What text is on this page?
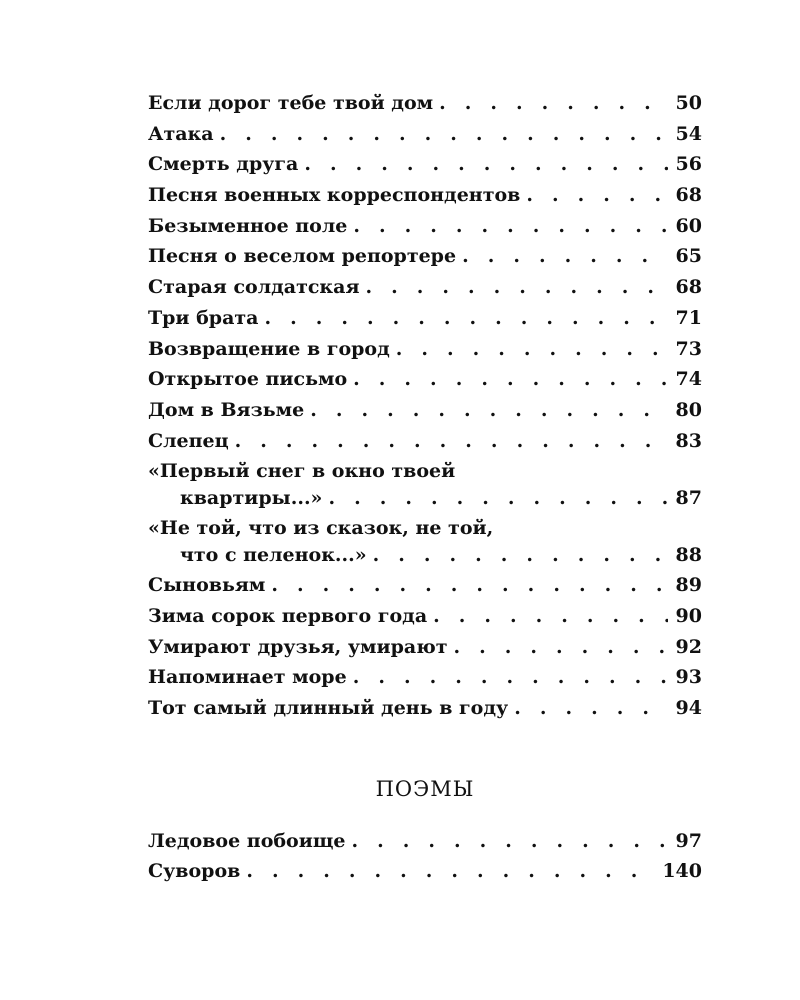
Если дорог тебе твой дом . . .	50
Атака . . .	54
Смерть друга . . .	56
Песня военных корреспондентов . . .	68
Безыменное поле . . .	60
Песня о веселом репортере . . .	65
Старая солдатская . . .	68
Три брата . . .	71
Возвращение в город . . .	73
Открытое письмо . . .	74
Дом в Вязьме . . .	80
Слепец . . .	83
«Первый снег в окно твоей
квартиры...» . . .	87
«Не той, что из сказок, не той,
что с пеленок...» . . .	88
Сыновьям . . .	89
Зима сорок первого года . . .	90
Умирают друзья, умирают . . .	92
Напоминает море . . .	93
Тот самый длинный день в году . . .	94
ПОЭМЫ
Ледовое побоище . . .	97
Суворов . . .	140
